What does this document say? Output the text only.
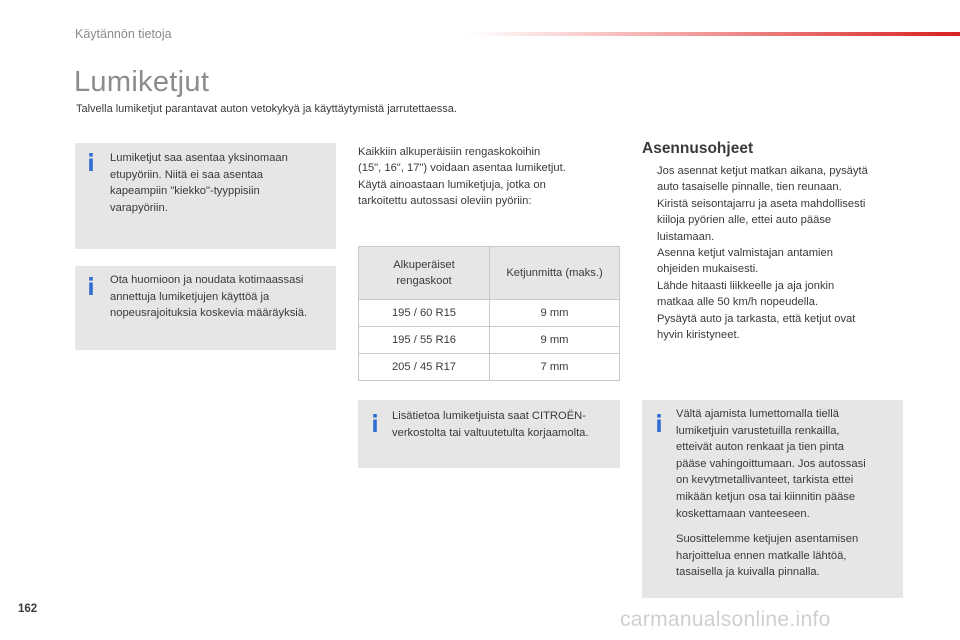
Käytännön tietoja
Lumiketjut
Talvella lumiketjut parantavat auton vetokykyä ja käyttäytymistä jarrutettaessa.
Lumiketjut saa asentaa yksinomaan
etupyöriin. Niitä ei saa asentaa
kapeampiin "kiekko"-tyyppisiin
varapyöriin.
Ota huomioon ja noudata kotimaassasi
annettuja lumiketjujen käyttöä ja
nopeusrajoituksia koskevia määräyksiä.
Kaikkiin alkuperäisiin rengaskokoihin
(15", 16", 17") voidaan asentaa lumiketjut.
Käytä ainoastaan lumiketjuja, jotka on
tarkoitettu autossasi oleviin pyöriin:
Alkuperäiset
rengaskoot	Ketjunmitta (maks.)
195 / 60 R15	9 mm
195 / 55 R16	9 mm
205 / 45 R17	7 mm
Lisätietoa lumiketjuista saat CITROËN-
verkostolta tai valtuutetulta korjaamolta.
Asennusohjeet
Jos asennat ketjut matkan aikana, pysäytä
auto tasaiselle pinnalle, tien reunaan.
Kiristä seisontajarru ja aseta mahdollisesti
kiiloja pyörien alle, ettei auto pääse
luistamaan.
Asenna ketjut valmistajan antamien
ohjeiden mukaisesti.
Lähde hitaasti liikkeelle ja aja jonkin
matkaa alle 50 km/h nopeudella.
Pysäytä auto ja tarkasta, että ketjut ovat
hyvin kiristyneet.
Vältä ajamista lumettomalla tiellä
lumiketjuin varustetuilla renkailla,
etteivät auton renkaat ja tien pinta
pääse vahingoittumaan. Jos autossasi
on kevytmetallivanteet, tarkista ettei
mikään ketjun osa tai kiinnitin pääse
koskettamaan vanteeseen.
Suosittelemme ketjujen asentamisen
harjoittelua ennen matkalle lähtöä,
tasaisella ja kuivalla pinnalla.
162	carmanualsonline.info
